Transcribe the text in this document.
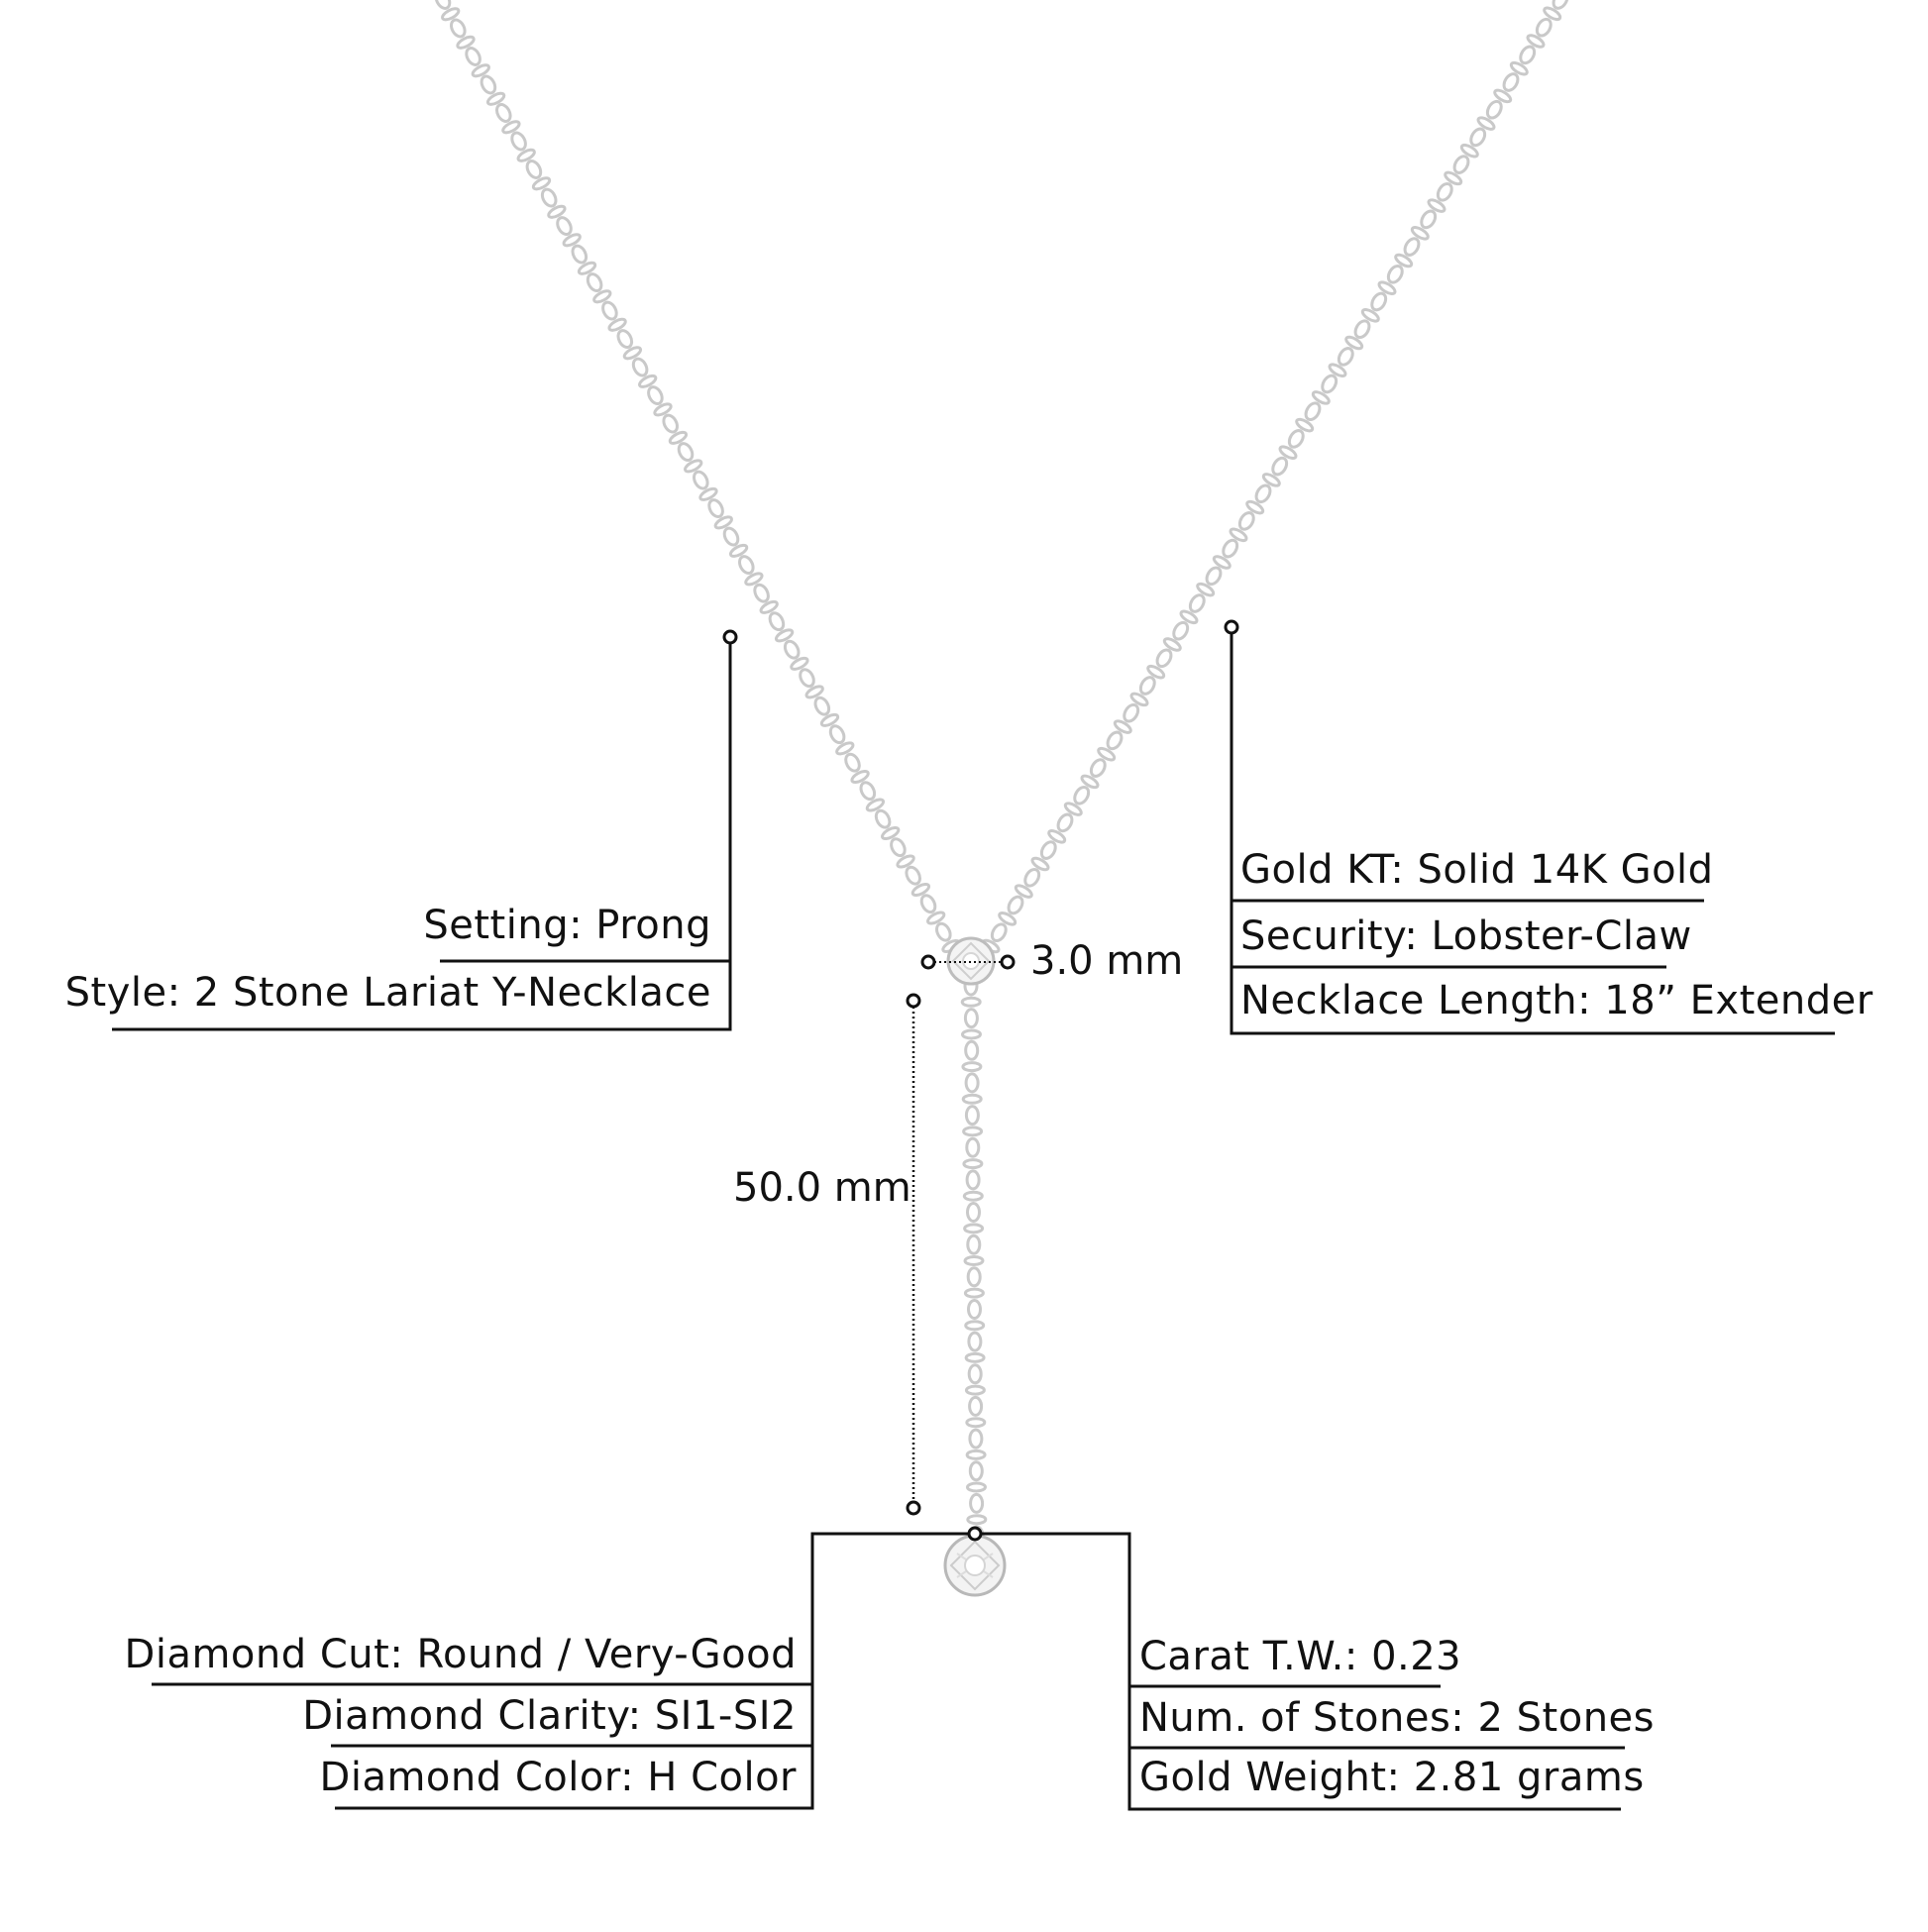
Setting: Prong
Style: 2 Stone Lariat Y-Necklace
Gold KT: Solid 14K Gold
Security: Lobster-Claw
Necklace Length: 18” Extender
3.0 mm
50.0 mm
Diamond Cut: Round / Very-Good
Diamond Clarity: SI1-SI2
Diamond Color: H Color
Carat T.W.: 0.23
Num. of Stones: 2 Stones
Gold Weight: 2.81 grams
